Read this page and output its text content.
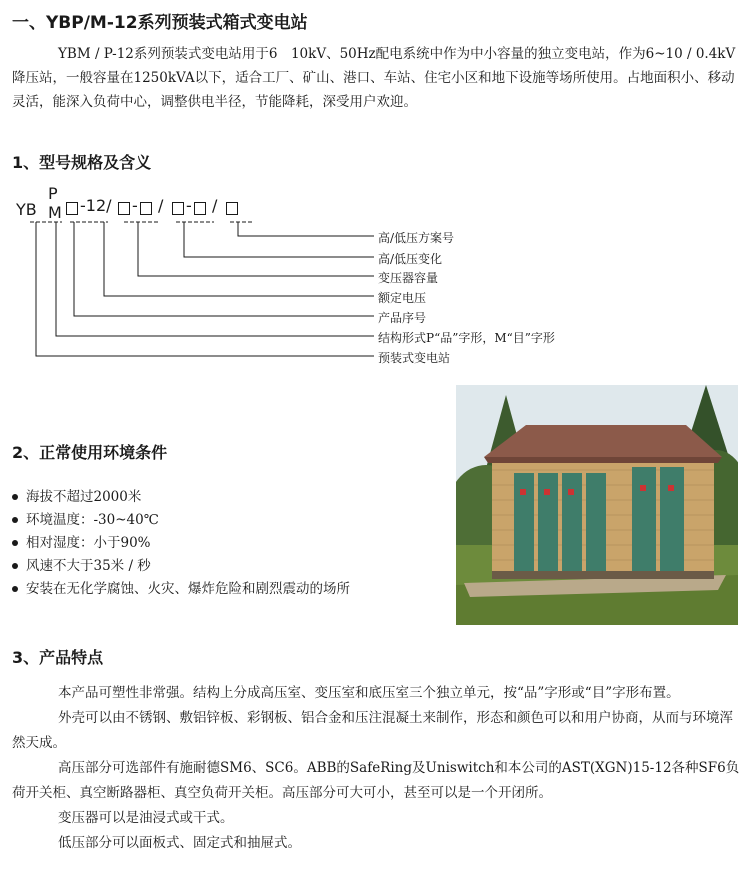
一、YBP/M-12系列预装式箱式变电站

YBM / P-12系列预装式变电站用于6　10kV、50Hz配电系统中作为中小容量的独立变电站，作为6~10 / 0.4kV降压站，一般容量在1250kVA以下，适合工厂、矿山、港口、车站、住宅小区和地下设施等场所使用。占地面积小、移动灵活，能深入负荷中心，调整供电半径，节能降耗，深受用户欢迎。

1、型号规格及含义
YB
P
M -12/ - / - /
高/低压方案号
高/低压变化
变压器容量
额定电压
产品序号
结构形式P“品”字形，M“目”字形
预装式变电站
2、正常使用环境条件
海拔不超过2000米
环境温度：-30~40℃
相对湿度：小于90%
风速不大于35米 / 秒
安装在无化学腐蚀、火灾、爆炸危险和剧烈震动的场所
3、产品特点

本产品可塑性非常强。结构上分成高压室、变压室和底压室三个独立单元，按“品”字形或“目”字形布置。

外壳可以由不锈钢、敷铝锌板、彩钢板、铝合金和压注混凝土来制作，形态和颜色可以和用户协商，从而与环境浑然天成。

高压部分可选部件有施耐德SM6、SC6。ABB的SafeRing及Uniswitch和本公司的AST(XGN)15-12各种SF6负荷开关柜、真空断路器柜、真空负荷开关柜。高压部分可大可小，甚至可以是一个开闭所。

变压器可以是油浸式或干式。

低压部分可以面板式、固定式和抽屉式。
